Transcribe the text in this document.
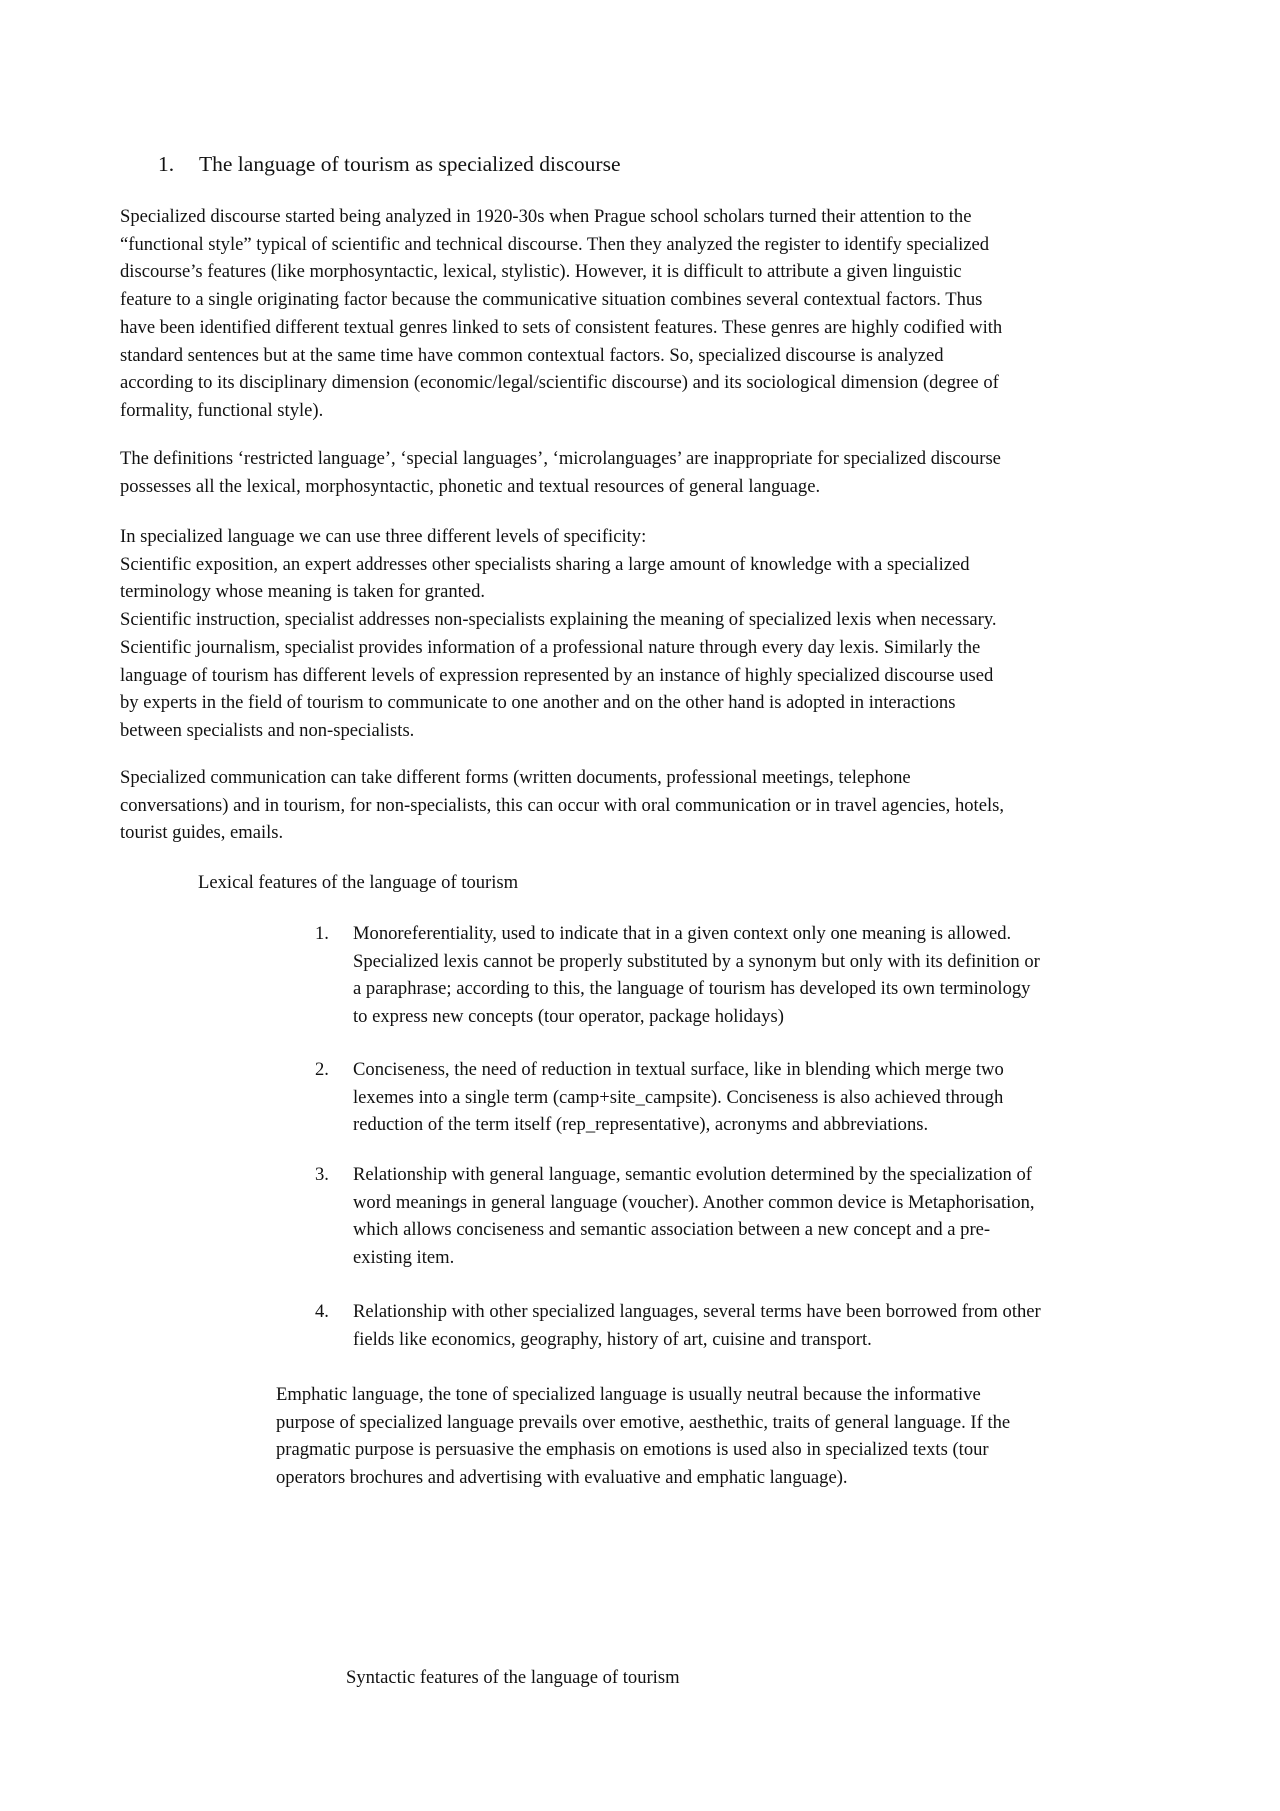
1. The language of tourism as specialized discourse
Specialized discourse started being analyzed in 1920-30s when Prague school scholars turned their attention to the
“functional style” typical of scientific and technical discourse. Then they analyzed the register to identify specialized
discourse’s features (like morphosyntactic, lexical, stylistic). However, it is difficult to attribute a given linguistic
feature to a single originating factor because the communicative situation combines several contextual factors. Thus
have been identified different textual genres linked to sets of consistent features. These genres are highly codified with
standard sentences but at the same time have common contextual factors. So, specialized discourse is analyzed
according to its disciplinary dimension (economic/legal/scientific discourse) and its sociological dimension (degree of
formality, functional style).
The definitions ‘restricted language’, ‘special languages’, ‘microlanguages’ are inappropriate for specialized discourse
possesses all the lexical, morphosyntactic, phonetic and textual resources of general language.
In specialized language we can use three different levels of specificity:
Scientific exposition, an expert addresses other specialists sharing a large amount of knowledge with a specialized
terminology whose meaning is taken for granted.
Scientific instruction, specialist addresses non-specialists explaining the meaning of specialized lexis when necessary.
Scientific journalism, specialist provides information of a professional nature through every day lexis. Similarly the
language of tourism has different levels of expression represented by an instance of highly specialized discourse used
by experts in the field of tourism to communicate to one another and on the other hand is adopted in interactions
between specialists and non-specialists.
Specialized communication can take different forms (written documents, professional meetings, telephone
conversations) and in tourism, for non-specialists, this can occur with oral communication or in travel agencies, hotels,
tourist guides, emails.
Lexical features of the language of tourism
1. Monoreferentiality, used to indicate that in a given context only one meaning is allowed.
Specialized lexis cannot be properly substituted by a synonym but only with its definition or
a paraphrase; according to this, the language of tourism has developed its own terminology
to express new concepts (tour operator, package holidays)
2. Conciseness, the need of reduction in textual surface, like in blending which merge two
lexemes into a single term (camp+site_campsite). Conciseness is also achieved through
reduction of the term itself (rep_representative), acronyms and abbreviations.
3. Relationship with general language, semantic evolution determined by the specialization of
word meanings in general language (voucher). Another common device is Metaphorisation,
which allows conciseness and semantic association between a new concept and a pre-
existing item.
4. Relationship with other specialized languages, several terms have been borrowed from other
fields like economics, geography, history of art, cuisine and transport.
Emphatic language, the tone of specialized language is usually neutral because the informative
purpose of specialized language prevails over emotive, aesthethic, traits of general language. If the
pragmatic purpose is persuasive the emphasis on emotions is used also in specialized texts (tour
operators brochures and advertising with evaluative and emphatic language).
Syntactic features of the language of tourism
